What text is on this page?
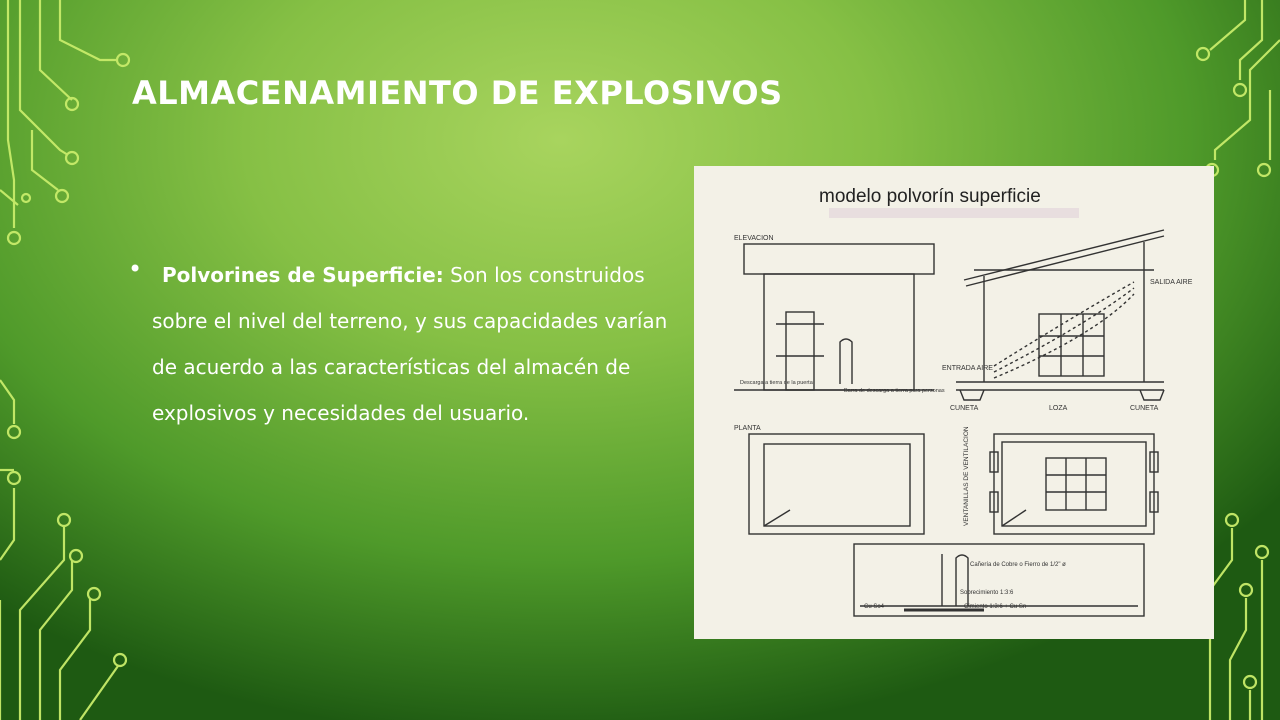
ALMACENAMIENTO DE EXPLOSIVOS
• Polvorines de Superficie: Son los construidos sobre el nivel del terreno, y sus capacidades varían de acuerdo a las características del almacén de explosivos y necesidades del usuario.

modelo polvorín superficie
ELEVACION
PLANTA
SALIDA AIRE
ENTRADA AIRE
CUNETA	LOZA	CUNETA
Descarga a tierra de la puerta
Barra de descarga a tierra para personas
Cañería de Cobre o Fierro de 1/2" ø
Sobrecimiento 1:3:6
Cimiento 1:3:6 + Cu Sn
Cu So4
VENTANILLAS DE VENTILACION
